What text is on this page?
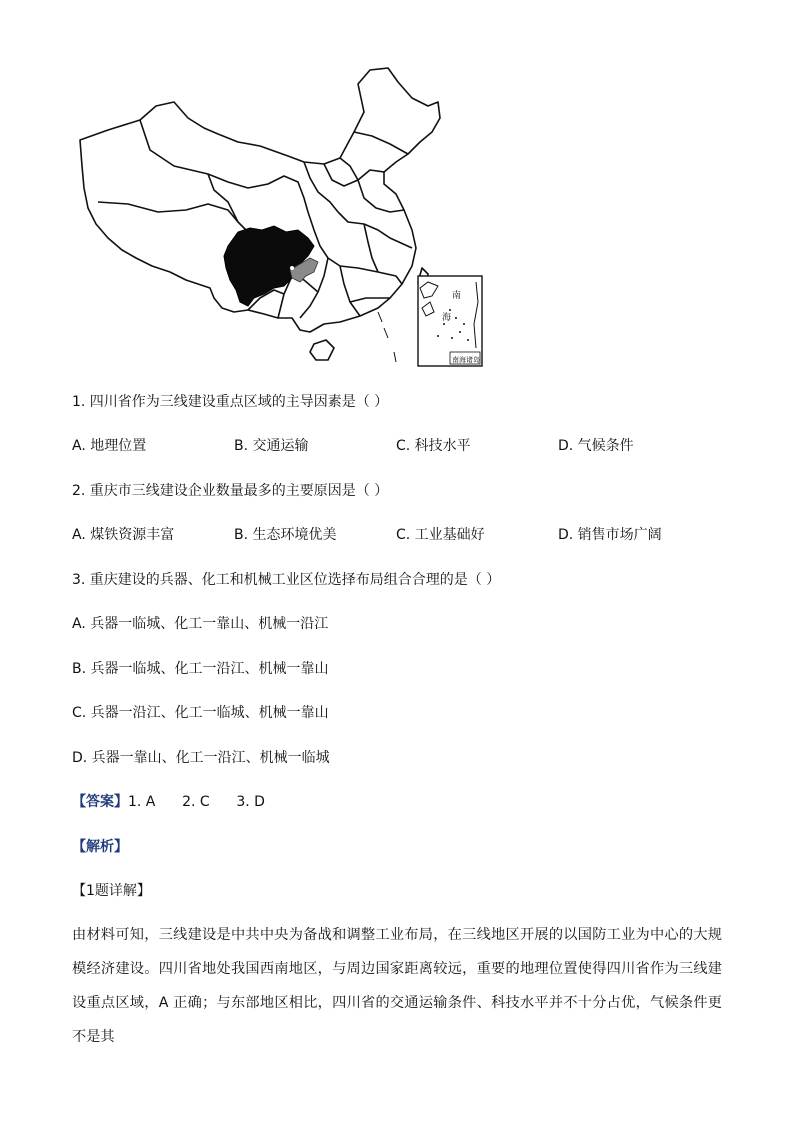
南
海
南海诸岛
1. 四川省作为三线建设重点区域的主导因素是（ ）
A. 地理位置	B. 交通运输	C. 科技水平	D. 气候条件
2. 重庆市三线建设企业数量最多的主要原因是（ ）
A. 煤铁资源丰富	B. 生态环境优美	C. 工业基础好	D. 销售市场广阔
3. 重庆建设的兵器、化工和机械工业区位选择布局组合合理的是（ ）
A. 兵器一临城、化工一靠山、机械一沿江
B. 兵器一临城、化工一沿江、机械一靠山
C. 兵器一沿江、化工一临城、机械一靠山
D. 兵器一靠山、化工一沿江、机械一临城
【答案】1. A      2. C      3. D
【解析】
【1题详解】
由材料可知，三线建设是中共中央为备战和调整工业布局，在三线地区开展的以国防工业为中心的大规模经济建设。四川省地处我国西南地区，与周边国家距离较远，重要的地理位置使得四川省作为三线建设重点区域，A 正确；与东部地区相比，四川省的交通运输条件、科技水平并不十分占优，气候条件更不是其
